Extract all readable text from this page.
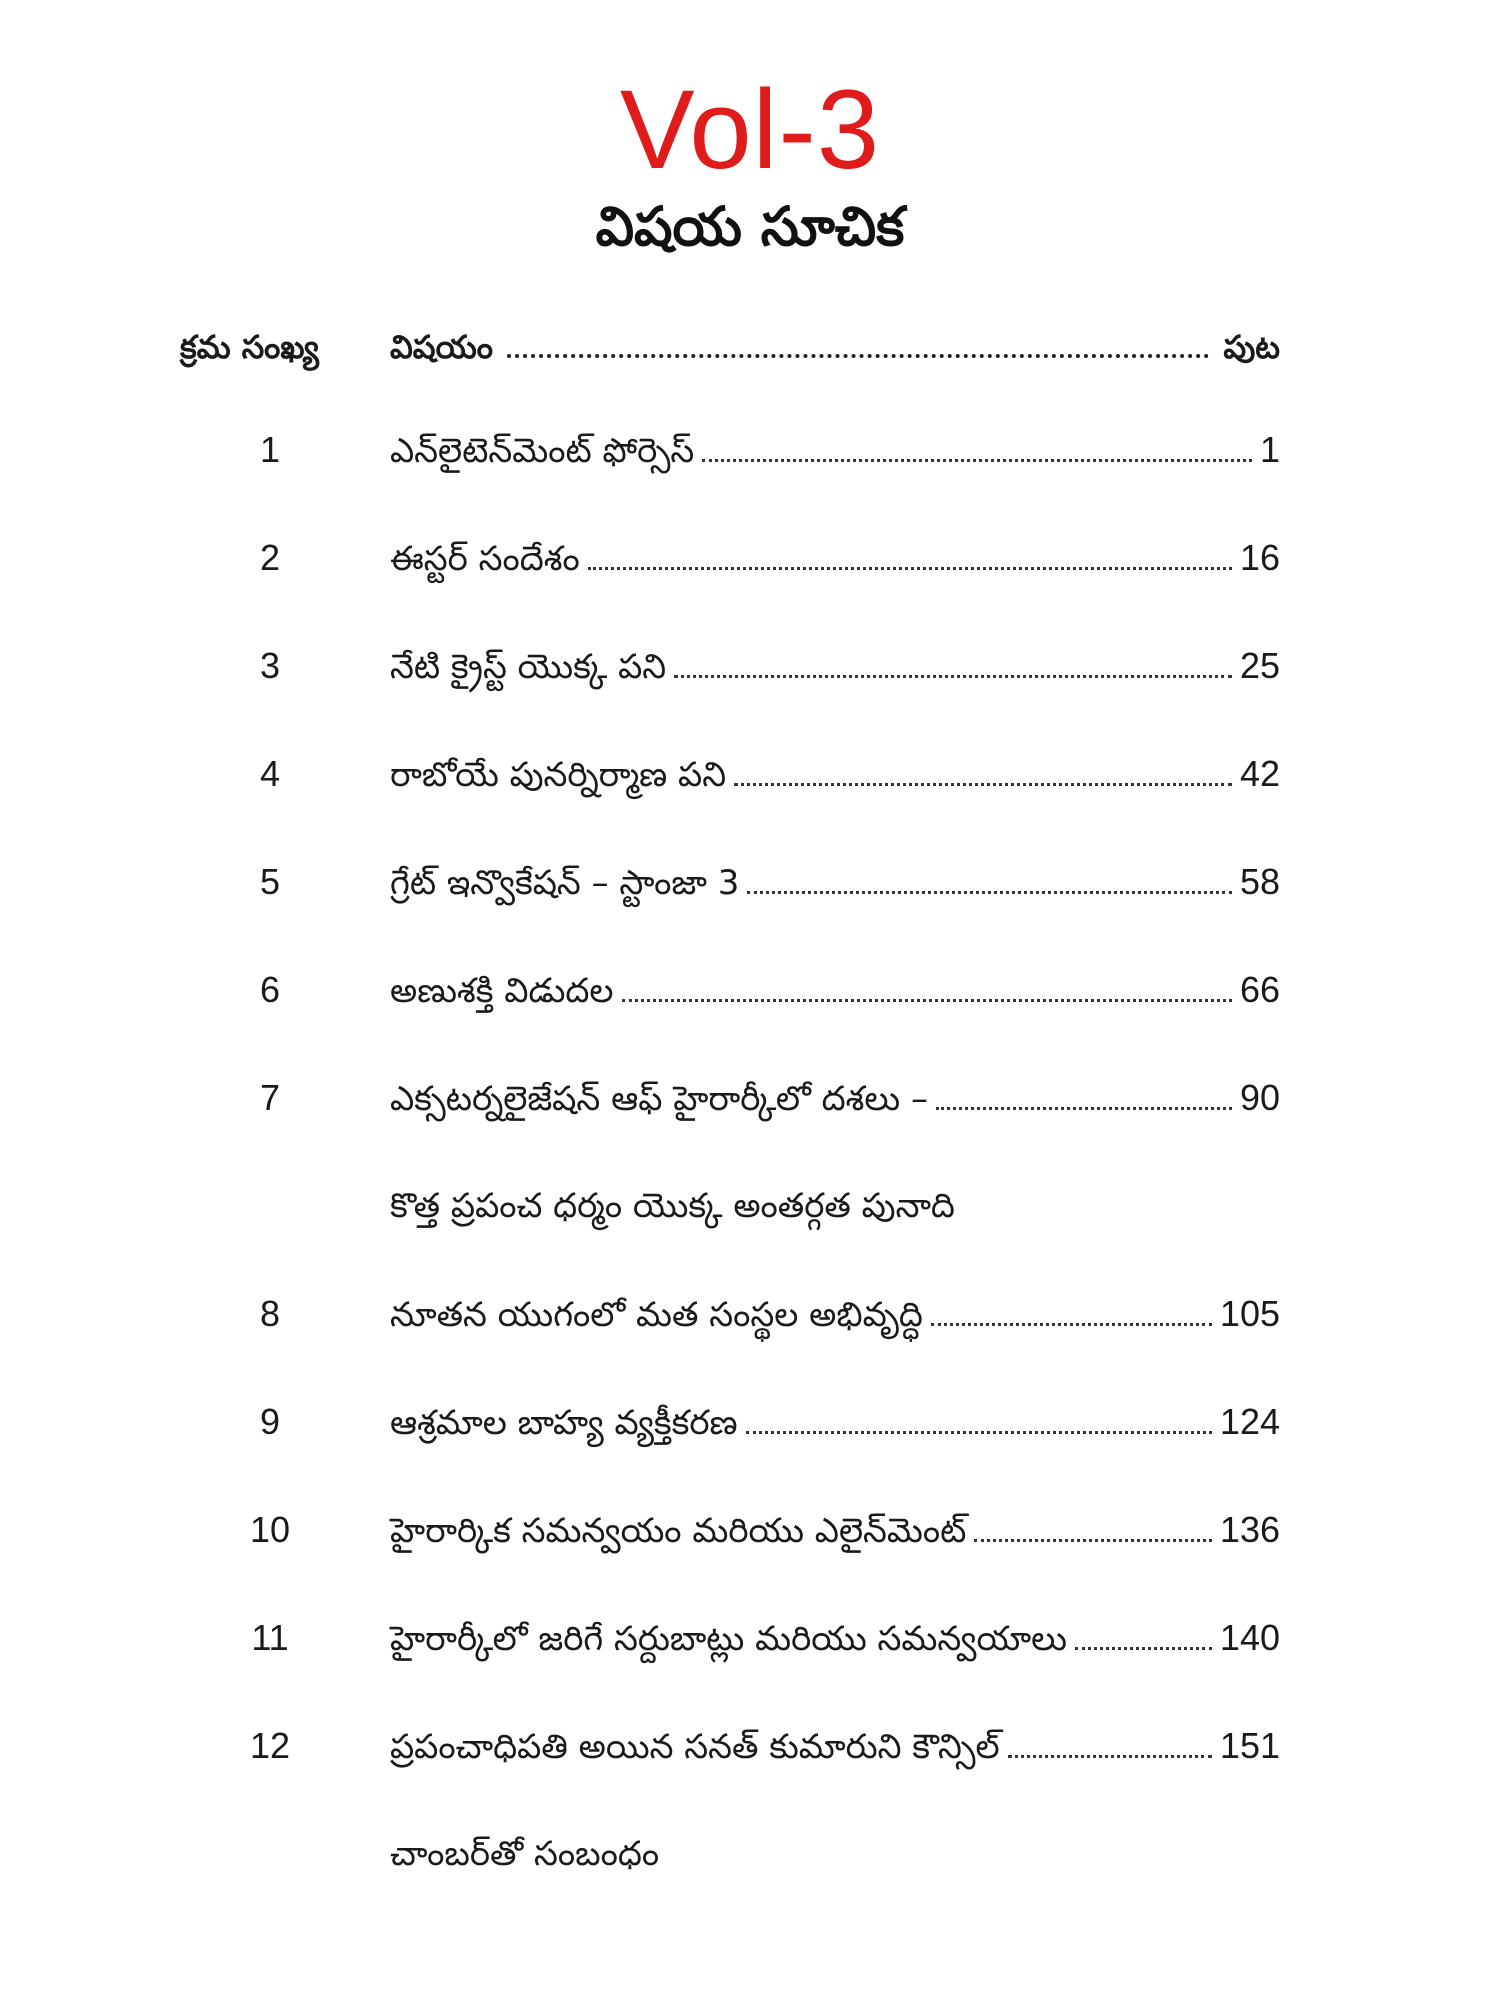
Vol-3
విషయ సూచిక
క్రమ సంఖ్య విషయం	పుట
1	ఎన్‌లైటెన్‌మెంట్ ఫోర్సెస్	1
2	ఈస్టర్ సందేశం	16
3	నేటి క్రైస్ట్ యొక్క పని	25
4	రాబోయే పునర్నిర్మాణ పని	42
5	గ్రేట్ ఇన్వొకేషన్ – స్టాంజా 3	58
6	అణుశక్తి విడుదల	66
7	ఎక్సటర్నలైజేషన్ ఆఫ్ హైరార్కీలో దశలు –	90
కొత్త ప్రపంచ ధర్మం యొక్క అంతర్గత పునాది
8	నూతన యుగంలో మత సంస్థల అభివృద్ధి	105
9	ఆశ్రమాల బాహ్య వ్యక్తీకరణ	124
10	హైరార్కిక సమన్వయం మరియు ఎలైన్‌మెంట్	136
11	హైరార్కీలో జరిగే సర్దుబాట్లు మరియు సమన్వయాలు	140
12	ప్రపంచాధిపతి అయిన సనత్ కుమారుని కౌన్సిల్	151
చాంబర్‌తో సంబంధం
